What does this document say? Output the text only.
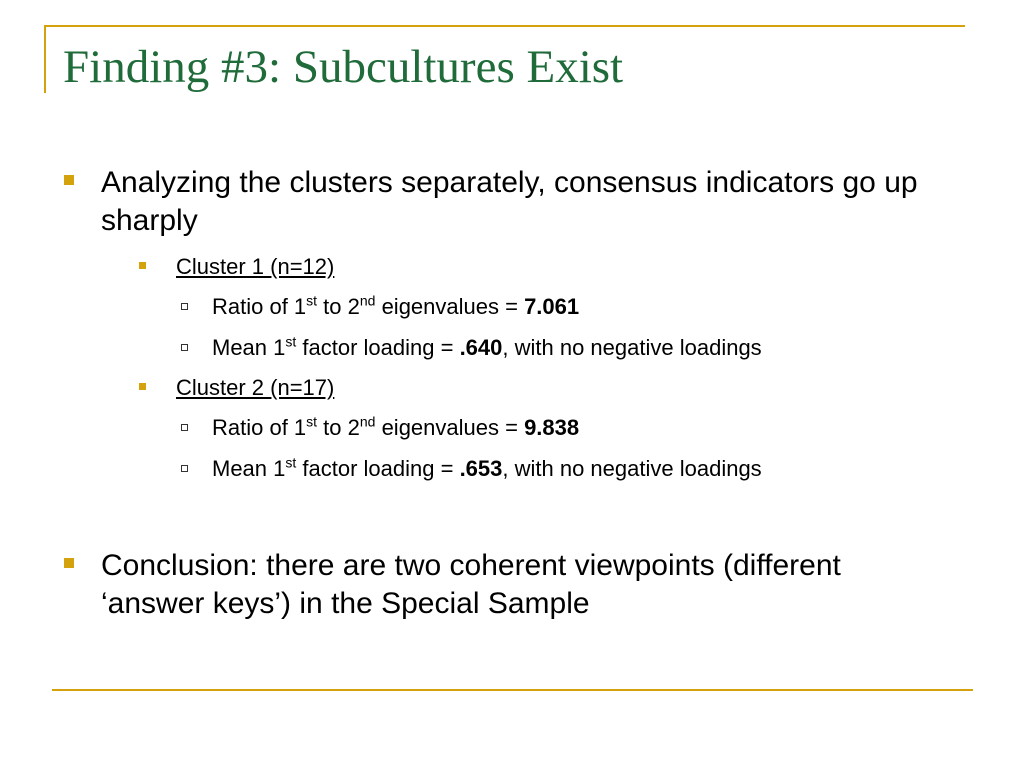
Finding #3: Subcultures Exist
Analyzing the clusters separately, consensus indicators go up sharply
Cluster 1 (n=12)
Ratio of 1st to 2nd eigenvalues = 7.061
Mean 1st factor loading = .640, with no negative loadings
Cluster 2 (n=17)
Ratio of 1st to 2nd eigenvalues = 9.838
Mean 1st factor loading = .653, with no negative loadings
Conclusion: there are two coherent viewpoints (different ‘answer keys’) in the Special Sample
